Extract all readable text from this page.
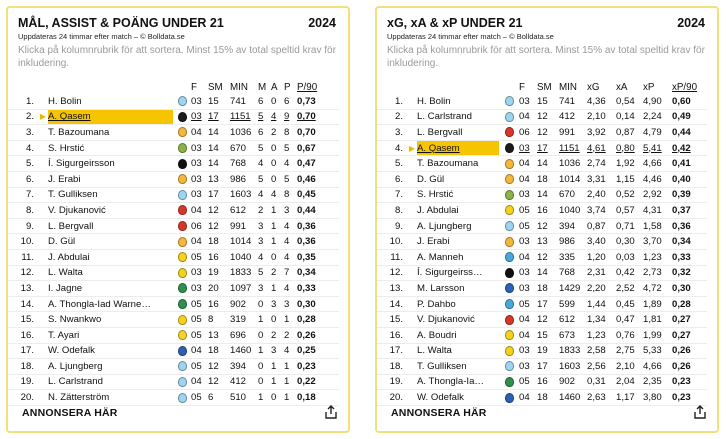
MÅL, ASSIST & POÄNG UNDER 21	2024
Uppdateras 24 timmar efter match – © Bolldata.se
Klicka på kolumnrubrik för att sortera. Minst 15% av total speltid krav för inkludering.
				F	SM	MIN	M	A	P	P/90
1.		H. Bolin		03	15	741	6	0	6	0,73
2.	▶	A. Qasem		03	17	1151	5	4	9	0,70
3.		T. Bazoumana		04	14	1036	6	2	8	0,70
4.		S. Hrstić		03	14	670	5	0	5	0,67
5.		Í. Sigurgeirsson		03	14	768	4	0	4	0,47
6.		J. Erabi		03	13	986	5	0	5	0,46
7.		T. Gulliksen		03	17	1603	4	4	8	0,45
8.		V. Djukanović		04	12	612	2	1	3	0,44
9.		L. Bergvall		06	12	991	3	1	4	0,36
10.		D. Gül		04	18	1014	3	1	4	0,36
11.		J. Abdulai		05	16	1040	4	0	4	0,35
12.		L. Walta		03	19	1833	5	2	7	0,34
13.		I. Jagne		03	20	1097	3	1	4	0,33
14.		A. Thongla-Iad Warne…		05	16	902	0	3	3	0,30
15.		S. Nwankwo		05	8	319	1	0	1	0,28
16.		T. Ayari		05	13	696	0	2	2	0,26
17.		W. Odefalk		04	18	1460	1	3	4	0,25
18.		A. Ljungberg		05	12	394	0	1	1	0,23
19.		L. Carlstrand		04	12	412	0	1	1	0,22
20.		N. Zätterström		05	6	510	1	0	1	0,18
ANNONSERA HÄR
xG, xA & xP UNDER 21	2024
Uppdateras 24 timmar efter match – © Bolldata.se
Klicka på kolumnrubrik för att sortera. Minst 15% av total speltid krav för inkludering.
				F	SM	MIN	xG	xA	xP	xP/90
1.		H. Bolin		03	15	741	4,36	0,54	4,90	0,60
2.		L. Carlstrand		04	12	412	2,10	0,14	2,24	0,49
3.		L. Bergvall		06	12	991	3,92	0,87	4,79	0,44
4.	▶	A. Qasem		03	17	1151	4,61	0,80	5,41	0,42
5.		T. Bazoumana		04	14	1036	2,74	1,92	4,66	0,41
6.		D. Gül		04	18	1014	3,31	1,15	4,46	0,40
7.		S. Hrstić		03	14	670	2,40	0,52	2,92	0,39
8.		J. Abdulai		05	16	1040	3,74	0,57	4,31	0,37
9.		A. Ljungberg		05	12	394	0,87	0,71	1,58	0,36
10.		J. Erabi		03	13	986	3,40	0,30	3,70	0,34
11.		A. Manneh		04	12	335	1,20	0,03	1,23	0,33
12.		Í. Sigurgeirss…		03	14	768	2,31	0,42	2,73	0,32
13.		M. Larsson		03	18	1429	2,20	2,52	4,72	0,30
14.		P. Dahbo		05	17	599	1,44	0,45	1,89	0,28
15.		V. Djukanović		04	12	612	1,34	0,47	1,81	0,27
16.		A. Boudri		04	15	673	1,23	0,76	1,99	0,27
17.		L. Walta		03	19	1833	2,58	2,75	5,33	0,26
18.		T. Gulliksen		03	17	1603	2,56	2,10	4,66	0,26
19.		A. Thongla-Ia…		05	16	902	0,31	2,04	2,35	0,23
20.		W. Odefalk		04	18	1460	2,63	1,17	3,80	0,23
ANNONSERA HÄR
